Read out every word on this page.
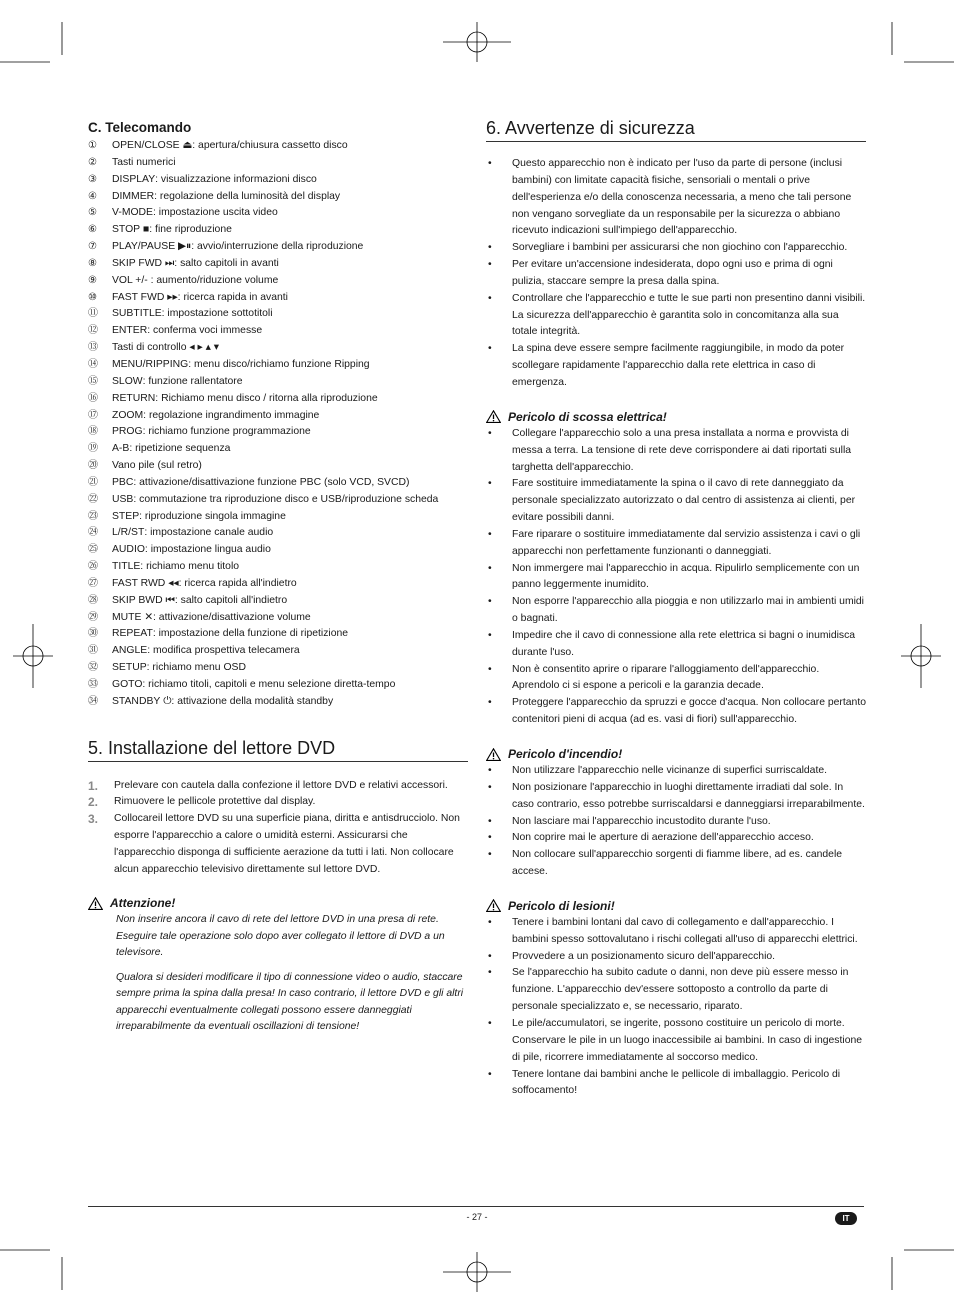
C. Telecomando
①	OPEN/CLOSE ⏏: apertura/chiusura cassetto disco
②	Tasti numerici
③	DISPLAY: visualizzazione informazioni disco
④	DIMMER: regolazione della luminosità del display
⑤	V-MODE: impostazione uscita video
⑥	STOP ■: fine riproduzione
⑦	PLAY/PAUSE ▶⏸: avvio/interruzione della riproduzione
⑧	SKIP FWD ⏭: salto capitoli in avanti
⑨	VOL +/- : aumento/riduzione volume
⑩	FAST FWD ▸▸: ricerca rapida in avanti
⑪	SUBTITLE: impostazione sottotitoli
⑫	ENTER: conferma voci immesse
⑬	Tasti di controllo ◂ ▸ ▴ ▾
⑭	MENU/RIPPING: menu disco/richiamo funzione Ripping
⑮	SLOW: funzione rallentatore
⑯	RETURN: Richiamo menu disco / ritorna alla riproduzione
⑰	ZOOM: regolazione ingrandimento immagine
⑱	PROG: richiamo funzione programmazione
⑲	A-B: ripetizione sequenza
⑳	Vano pile (sul retro)
㉑	PBC: attivazione/disattivazione funzione PBC (solo VCD, SVCD)
㉒	USB: commutazione tra riproduzione disco e USB/riproduzione scheda
㉓	STEP: riproduzione singola immagine
㉔	L/R/ST: impostazione canale audio
㉕	AUDIO: impostazione lingua audio
㉖	TITLE: richiamo menu titolo
㉗	FAST RWD ◂◂: ricerca rapida all'indietro
㉘	SKIP BWD ⏮: salto capitoli all'indietro
㉙	MUTE ✕: attivazione/disattivazione volume
㉚	REPEAT: impostazione della funzione di ripetizione
㉛	ANGLE: modifica prospettiva telecamera
㉜	SETUP: richiamo menu OSD
㉝	GOTO: richiamo titoli, capitoli e menu selezione diretta-tempo
㉞	STANDBY ⏻: attivazione della modalità standby
5. Installazione del lettore DVD
1.	Prelevare con cautela dalla confezione il lettore DVD e relativi accessori.
2.	Rimuovere le pellicole protettive dal display.
3.	Collocareil lettore DVD su una superficie piana, diritta e antisdrucciolo. Non esporre l'apparecchio a calore o umidità esterni. Assicurarsi che l'apparecchio disponga di sufficiente aerazione da tutti i lati. Non collocare alcun apparecchio televisivo direttamente sul lettore DVD.
Attenzione!

Non inserire ancora il cavo di rete del lettore DVD in una presa di rete. Eseguire tale operazione solo dopo aver collegato il lettore di DVD a un televisore.

Qualora si desideri modificare il tipo di connessione video o audio, staccare sempre prima la spina dalla presa! In caso contrario, il lettore DVD e gli altri apparecchi eventualmente collegati possono essere danneggiati irreparabilmente da eventuali oscillazioni di tensione!

6. Avvertenze di sicurezza
•	Questo apparecchio non è indicato per l'uso da parte di persone (inclusi bambini) con limitate capacità fisiche, sensoriali o mentali o prive dell'esperienza e/o della conoscenza necessaria, a meno che tali persone non vengano sorvegliate da un responsabile per la sicurezza o abbiano ricevuto indicazioni sull'impiego dell'apparecchio.
•	Sorvegliare i bambini per assicurarsi che non giochino con l'apparecchio.
•	Per evitare un'accensione indesiderata, dopo ogni uso e prima di ogni pulizia, staccare sempre la presa dalla spina.
•	Controllare che l'apparecchio e tutte le sue parti non presentino danni visibili. La sicurezza dell'apparecchio è garantita solo in concomitanza alla sua totale integrità.
•	La spina deve essere sempre facilmente raggiungibile, in modo da poter scollegare rapidamente l'apparecchio dalla rete elettrica in caso di emergenza.
Pericolo di scossa elettrica!
•	Collegare l'apparecchio solo a una presa installata a norma e provvista di messa a terra. La tensione di rete deve corrispondere ai dati riportati sulla targhetta dell'apparecchio.
•	Fare sostituire immediatamente la spina o il cavo di rete danneggiato da personale specializzato autorizzato o dal centro di assistenza ai clienti, per evitare possibili danni.
•	Fare riparare o sostituire immediatamente dal servizio assistenza i cavi o gli apparecchi non perfettamente funzionanti o danneggiati.
•	Non immergere mai l'apparecchio in acqua. Ripulirlo semplicemente con un panno leggermente inumidito.
•	Non esporre l'apparecchio alla pioggia e non utilizzarlo mai in ambienti umidi o bagnati.
•	Impedire che il cavo di connessione alla rete elettrica si bagni o inumidisca durante l'uso.
•	Non è consentito aprire o riparare l'alloggiamento dell'apparecchio. Aprendolo ci si espone a pericoli e la garanzia decade.
•	Proteggere l'apparecchio da spruzzi e gocce d'acqua. Non collocare pertanto contenitori pieni di acqua (ad es. vasi di fiori) sull'apparecchio.
Pericolo d'incendio!
•	Non utilizzare l'apparecchio nelle vicinanze di superfici surriscaldate.
•	Non posizionare l'apparecchio in luoghi direttamente irradiati dal sole. In caso contrario, esso potrebbe surriscaldarsi e danneggiarsi irreparabilmente.
•	Non lasciare mai l'apparecchio incustodito durante l'uso.
•	Non coprire mai le aperture di aerazione dell'apparecchio acceso.
•	Non collocare sull'apparecchio sorgenti di fiamme libere, ad es. candele accese.
Pericolo di lesioni!
•	Tenere i bambini lontani dal cavo di collegamento e dall'apparecchio. I bambini spesso sottovalutano i rischi collegati all'uso di apparecchi elettrici.
•	Provvedere a un posizionamento sicuro dell'apparecchio.
•	Se l'apparecchio ha subito cadute o danni, non deve più essere messo in funzione. L'apparecchio dev'essere sottoposto a controllo da parte di personale specializzato e, se necessario, riparato.
•	Le pile/accumulatori, se ingerite, possono costituire un pericolo di morte. Conservare le pile in un luogo inaccessibile ai bambini. In caso di ingestione di pile, ricorrere immediatamente al soccorso medico.
•	Tenere lontane dai bambini anche le pellicole di imballaggio. Pericolo di soffocamento!
- 27 -	IT
